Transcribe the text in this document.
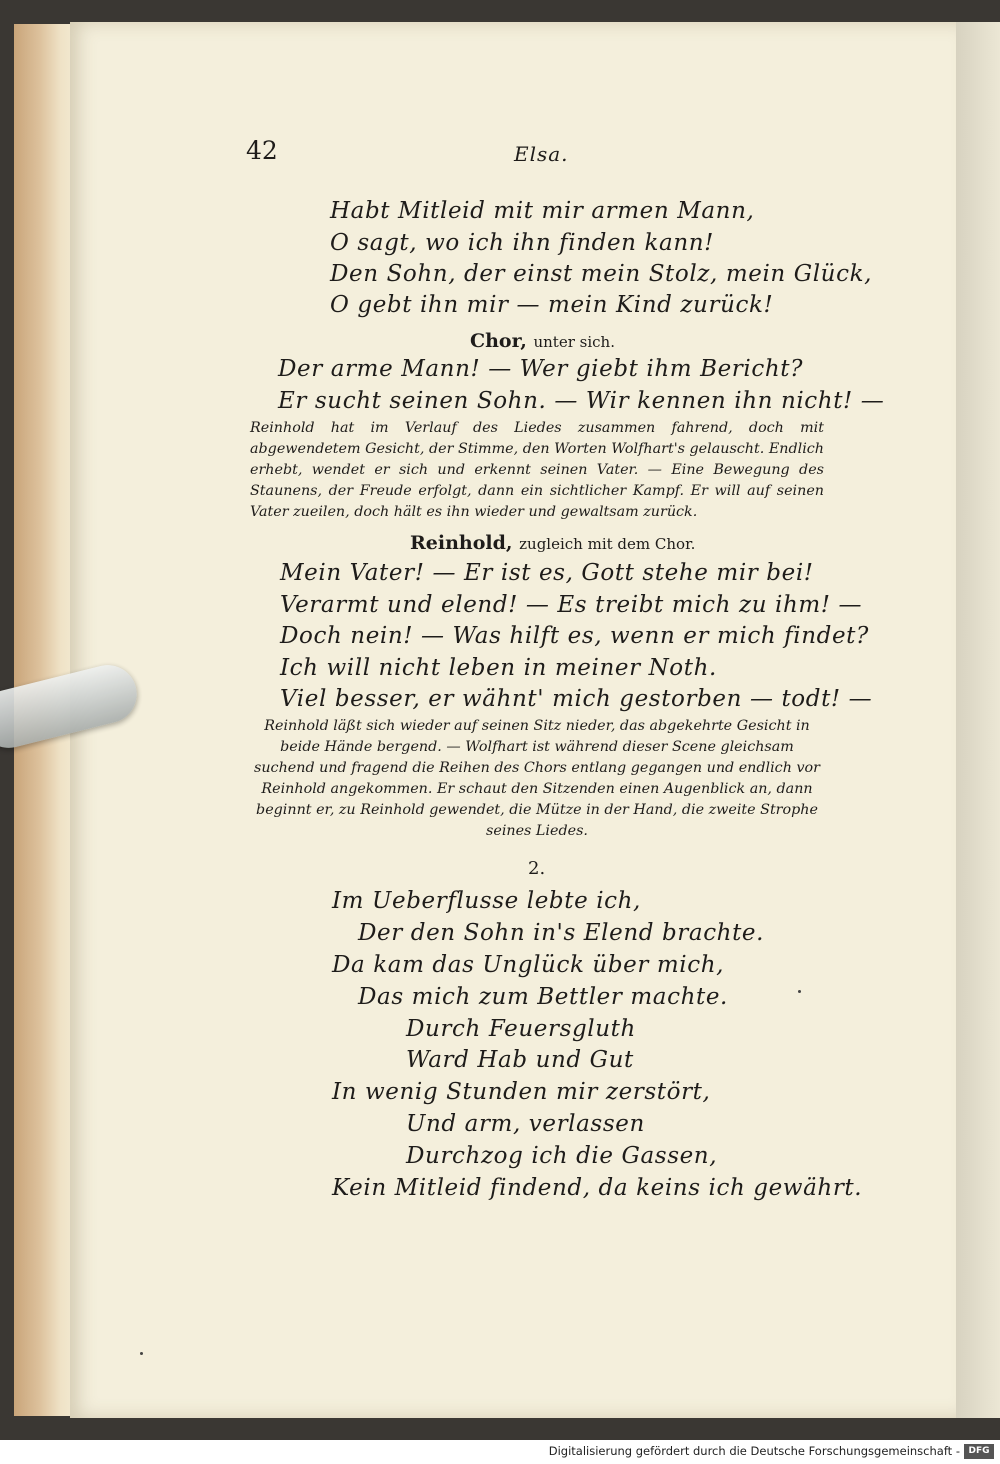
42	Elsa.
Habt Mitleid mit mir armen Mann,
O sagt, wo ich ihn finden kann!
Den Sohn, der einst mein Stolz, mein Glück,
O gebt ihn mir — mein Kind zurück!
Chor, unter sich.
Der arme Mann! — Wer giebt ihm Bericht?
Er sucht seinen Sohn. — Wir kennen ihn nicht! —
Reinhold hat im Verlauf des Liedes zusammen fahrend, doch mit abgewendetem Gesicht, der Stimme, den Worten Wolfhart's gelauscht. Endlich erhebt, wendet er sich und erkennt seinen Vater. — Eine Bewegung des Staunens, der Freude erfolgt, dann ein sichtlicher Kampf. Er will auf seinen Vater zueilen, doch hält es ihn wieder und gewaltsam zurück.
Reinhold, zugleich mit dem Chor.
Mein Vater! — Er ist es, Gott stehe mir bei!
Verarmt und elend! — Es treibt mich zu ihm! —
Doch nein! — Was hilft es, wenn er mich findet?
Ich will nicht leben in meiner Noth.
Viel besser, er wähnt' mich gestorben — todt! —
Reinhold läßt sich wieder auf seinen Sitz nieder, das abgekehrte Gesicht in beide Hände bergend. — Wolfhart ist während dieser Scene gleichsam suchend und fragend die Reihen des Chors entlang gegangen und endlich vor Reinhold angekommen. Er schaut den Sitzenden einen Augenblick an, dann beginnt er, zu Reinhold gewendet, die Mütze in der Hand, die zweite Strophe seines Liedes.
2.
Im Ueberflusse lebte ich,
Der den Sohn in's Elend brachte.
Da kam das Unglück über mich,
Das mich zum Bettler machte.
Durch Feuersgluth
Ward Hab und Gut
In wenig Stunden mir zerstört,
Und arm, verlassen
Durchzog ich die Gassen,
Kein Mitleid findend, da keins ich gewährt.
Digitalisierung gefördert durch die Deutsche Forschungsgemeinschaft - DFG
